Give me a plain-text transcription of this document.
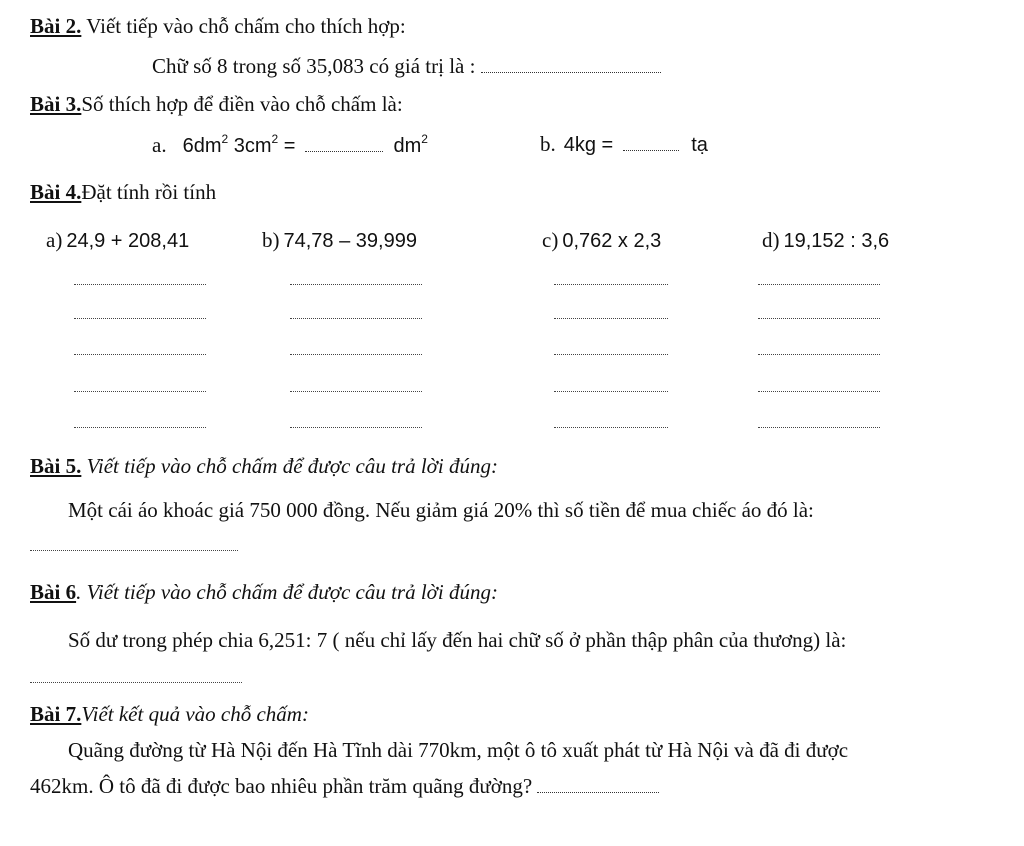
Bài 2. Viết tiếp vào chỗ chấm cho thích hợp:
Chữ số 8 trong số 35,083 có giá trị là :
Bài 3.Số thích hợp để điền vào chỗ chấm là:
a. $6dm^2$ $3cm^2$ =	$dm^2$	b. 4kg =	tạ
Bài 4.Đặt tính rồi tính
a) 24,9 + 208,41	b) 74,78 – 39,999	c) 0,762 x 2,3	d) 19,152 : 3,6
Bài 5. Viết tiếp vào chỗ chấm để được câu trả lời đúng:
Một cái áo khoác giá 750 000 đồng. Nếu giảm giá 20% thì số tiền để mua chiếc áo đó là:
Bài 6. Viết tiếp vào chỗ chấm để được câu trả lời đúng:
Số dư trong phép chia 6,251: 7 ( nếu chỉ lấy đến hai chữ số ở phần thập phân của thương) là:
Bài 7.Viết kết quả vào chỗ chấm:
Quãng đường từ Hà Nội đến Hà Tĩnh dài 770km, một ô tô xuất phát từ Hà Nội và đã đi được
462km. Ô tô đã đi được bao nhiêu phần trăm quãng đường?
